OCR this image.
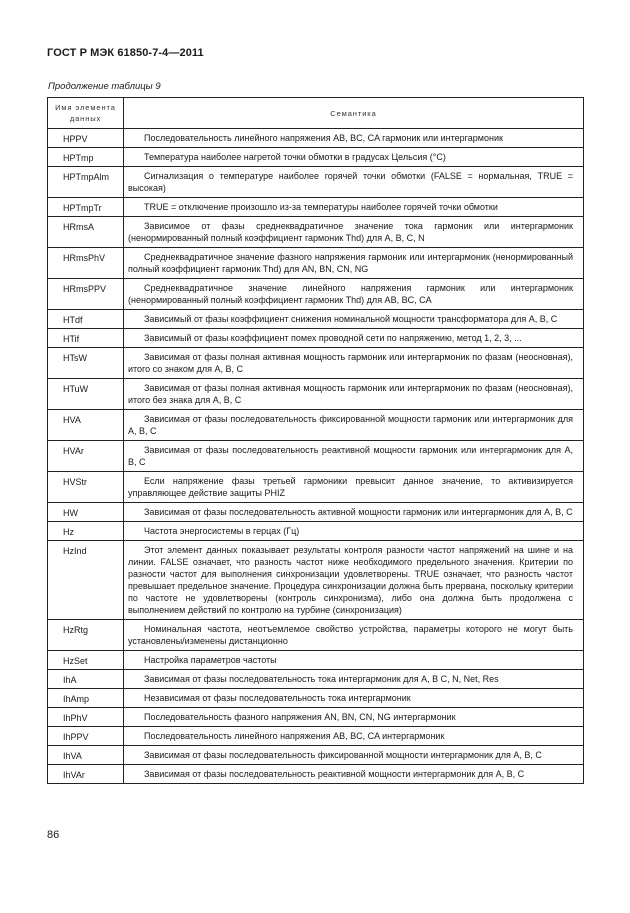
ГОСТ Р МЭК 61850-7-4—2011
Продолжение таблицы 9
Имя элемента данных	Семантика
HPPV	Последовательность линейного напряжения AB, BC, CA гармоник или интергармоник
HPTmp	Температура наиболее нагретой точки обмотки в градусах Цельсия (°C)
HPTmpAlm	Сигнализация о температуре наиболее горячей точки обмотки (FALSE = нормальная, TRUE = высокая)
HPTmpTr	TRUE = отключение произошло из-за температуры наиболее горячей точки обмотки
HRmsA	Зависимое от фазы среднеквадратичное значение тока гармоник или интергармоник (ненормированный полный коэффициент гармоник Thd) для A, B, C, N
HRmsPhV	Среднеквадратичное значение фазного напряжения гармоник или интергармоник (ненормированный полный коэффициент гармоник Thd) для AN, BN, CN, NG
HRmsPPV	Среднеквадратичное значение линейного напряжения гармоник или интергармоник (ненормированный полный коэффициент гармоник Thd) для AB, BC, CA
HTdf	Зависимый от фазы коэффициент снижения номинальной мощности трансформатора для A, B, C
HTif	Зависимый от фазы коэффициент помех проводной сети по напряжению, метод 1, 2, 3, ...
HTsW	Зависимая от фазы полная активная мощность гармоник или интергармоник по фазам (неосновная), итого со знаком для A, B, C
HTuW	Зависимая от фазы полная активная мощность гармоник или интергармоник по фазам (неосновная), итого без знака для A, B, C
HVA	Зависимая от фазы последовательность фиксированной мощности гармоник или интергармоник для A, B, C
HVAr	Зависимая от фазы последовательность реактивной мощности гармоник или интергармоник для A, B, C
HVStr	Если напряжение фазы третьей гармоники превысит данное значение, то активизируется управляющее действие защиты PHIZ
HW	Зависимая от фазы последовательность активной мощности гармоник или интергармоник для A, B, C
Hz	Частота энергосистемы в герцах (Гц)
HzInd	Этот элемент данных показывает результаты контроля разности частот напряжений на шине и на линии. FALSE означает, что разность частот ниже необходимого предельного значения. Критерии по разности частот для выполнения синхронизации удовлетворены. TRUE означает, что разность частот превышает предельное значение. Процедура синхронизации должна быть прервана, поскольку критерии по частоте не удовлетворены (контроль синхронизма), либо она должна быть продолжена с выполнением действий по контролю на турбине (синхронизация)
HzRtg	Номинальная частота, неотъемлемое свойство устройства, параметры которого не могут быть установлены/изменены дистанционно
HzSet	Настройка параметров частоты
IhA	Зависимая от фазы последовательность тока интергармоник для A, B C, N, Net, Res
IhAmp	Независимая от фазы последовательность тока интергармоник
IhPhV	Последовательность фазного напряжения AN, BN, CN, NG интергармоник
IhPPV	Последовательность линейного напряжения AB, BC, CA интергармоник
IhVA	Зависимая от фазы последовательность фиксированной мощности интергармоник для A, B, C
IhVAr	Зависимая от фазы последовательность реактивной мощности интергармоник для A, B, C
86
